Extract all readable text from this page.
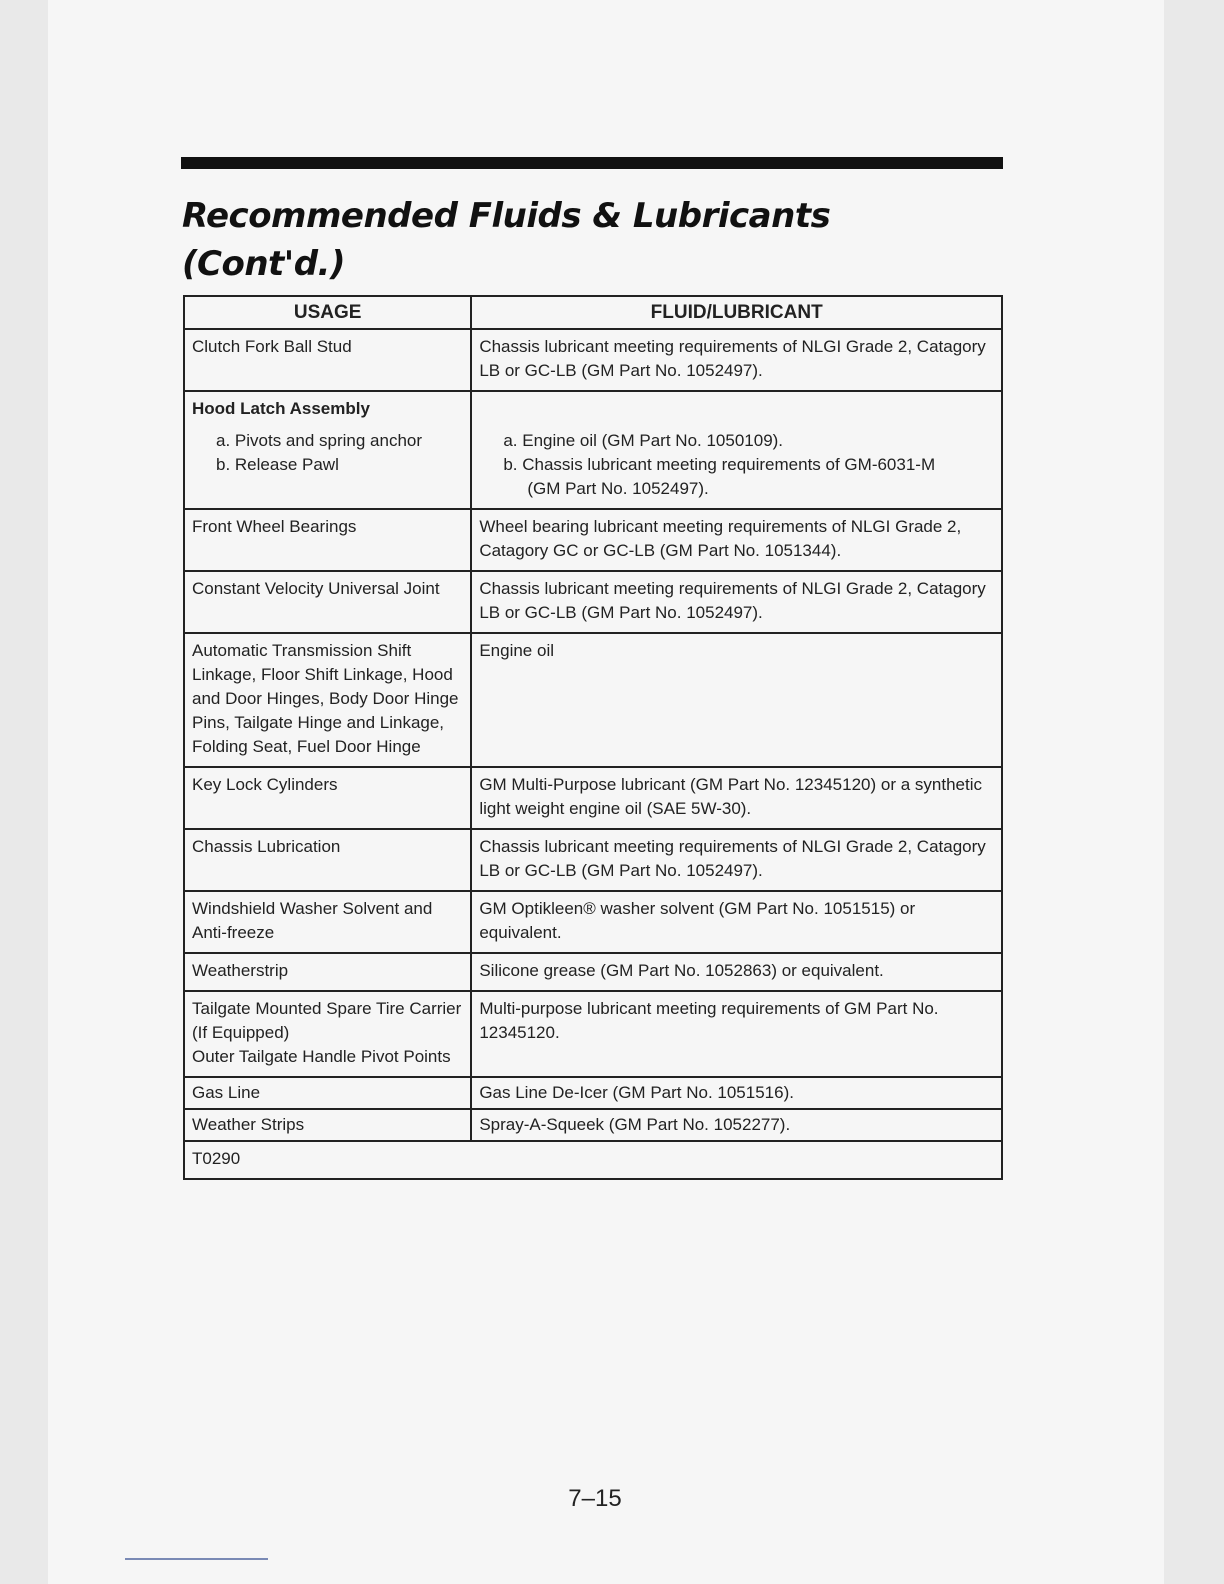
Recommended Fluids & Lubricants (Cont'd.)
USAGE	FLUID/LUBRICANT
Clutch Fork Ball Stud	Chassis lubricant meeting requirements of NLGI Grade 2, Catagory LB or GC-LB (GM Part No. 1052497).

Hood Latch Assembly
a. Pivots and spring anchor
b. Release Pawl	a. Engine oil (GM Part No. 1050109).
b. Chassis lubricant meeting requirements of GM-6031-M
(GM Part No. 1052497).

Front Wheel Bearings	Wheel bearing lubricant meeting requirements of NLGI Grade 2, Catagory GC or GC-LB (GM Part No. 1051344).
Constant Velocity Universal Joint	Chassis lubricant meeting requirements of NLGI Grade 2, Catagory LB or GC-LB (GM Part No. 1052497).
Automatic Transmission Shift Linkage, Floor Shift Linkage, Hood and Door Hinges, Body Door Hinge Pins, Tailgate Hinge and Linkage, Folding Seat, Fuel Door Hinge	Engine oil
Key Lock Cylinders	GM Multi-Purpose lubricant (GM Part No. 12345120) or a synthetic light weight engine oil (SAE 5W-30).
Chassis Lubrication	Chassis lubricant meeting requirements of NLGI Grade 2, Catagory LB or GC-LB (GM Part No. 1052497).
Windshield Washer Solvent and Anti-freeze	GM Optikleen® washer solvent (GM Part No. 1051515) or equivalent.
Weatherstrip	Silicone grease (GM Part No. 1052863) or equivalent.

Tailgate Mounted Spare Tire Carrier
(If Equipped)
Outer Tailgate Handle Pivot Points	Multi-purpose lubricant meeting requirements of GM Part No. 12345120.
Gas Line	Gas Line De-Icer (GM Part No. 1051516).
Weather Strips	Spray-A-Squeek (GM Part No. 1052277).
T0290	
7–15
